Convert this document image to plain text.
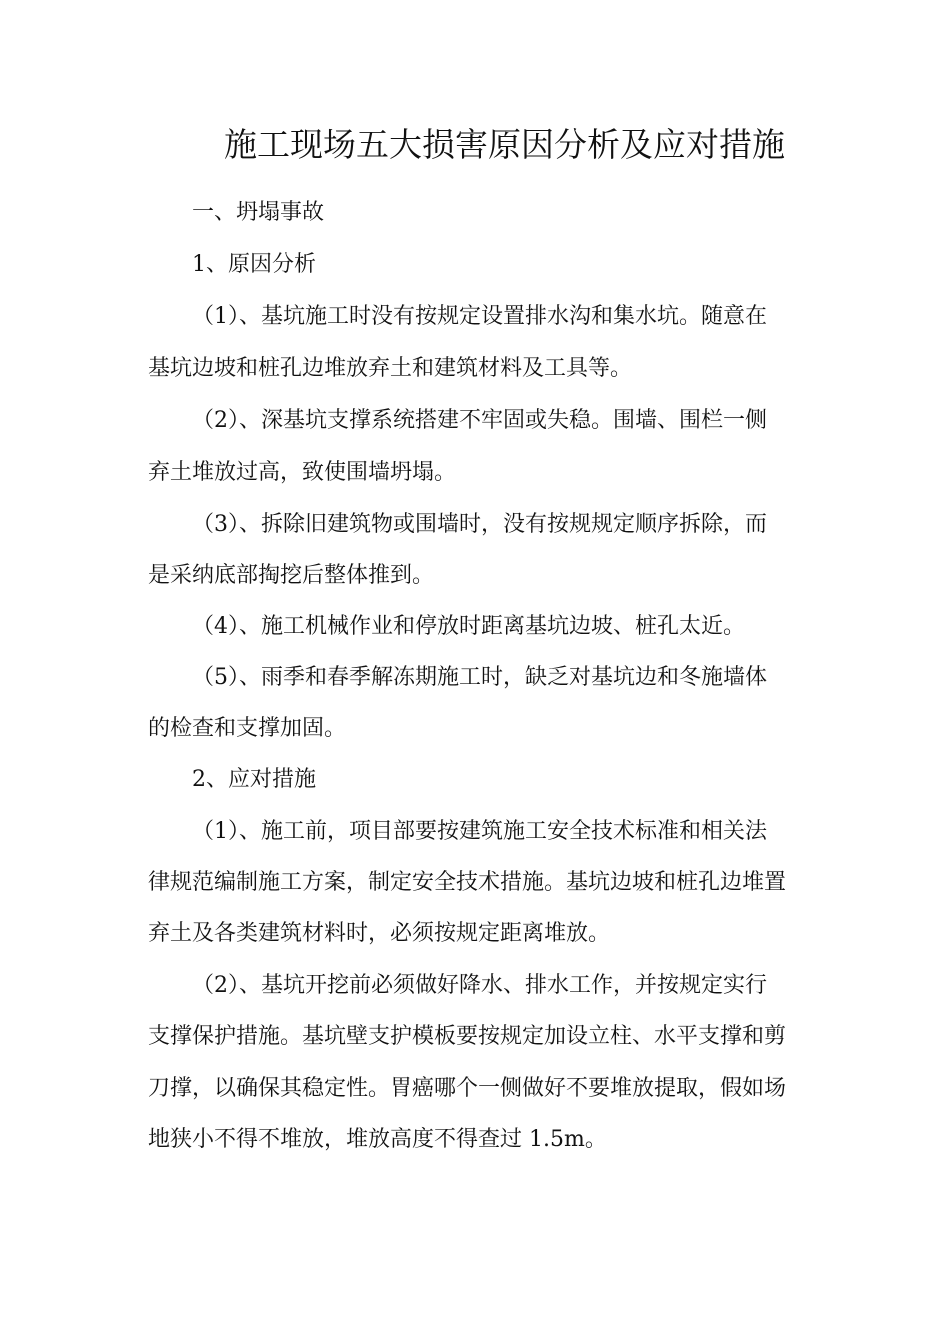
施工现场五大损害原因分析及应对措施
一、坍塌事故
1、原因分析
（1）、基坑施工时没有按规定设置排水沟和集水坑。随意在
基坑边坡和桩孔边堆放弃土和建筑材料及工具等。
（2）、深基坑支撑系统搭建不牢固或失稳。围墙、围栏一侧
弃土堆放过高，致使围墙坍塌。
（3）、拆除旧建筑物或围墙时，没有按规规定顺序拆除，而
是采纳底部掏挖后整体推到。
（4）、施工机械作业和停放时距离基坑边坡、桩孔太近。
（5）、雨季和春季解冻期施工时，缺乏对基坑边和冬施墙体
的检查和支撑加固。
2、应对措施
（1）、施工前，项目部要按建筑施工安全技术标准和相关法
律规范编制施工方案，制定安全技术措施。基坑边坡和桩孔边堆置
弃土及各类建筑材料时，必须按规定距离堆放。
（2）、基坑开挖前必须做好降水、排水工作，并按规定实行
支撑保护措施。基坑壁支护模板要按规定加设立柱、水平支撑和剪
刀撑，以确保其稳定性。胃癌哪个一侧做好不要堆放提取，假如场
地狭小不得不堆放，堆放高度不得查过 1.5m。
